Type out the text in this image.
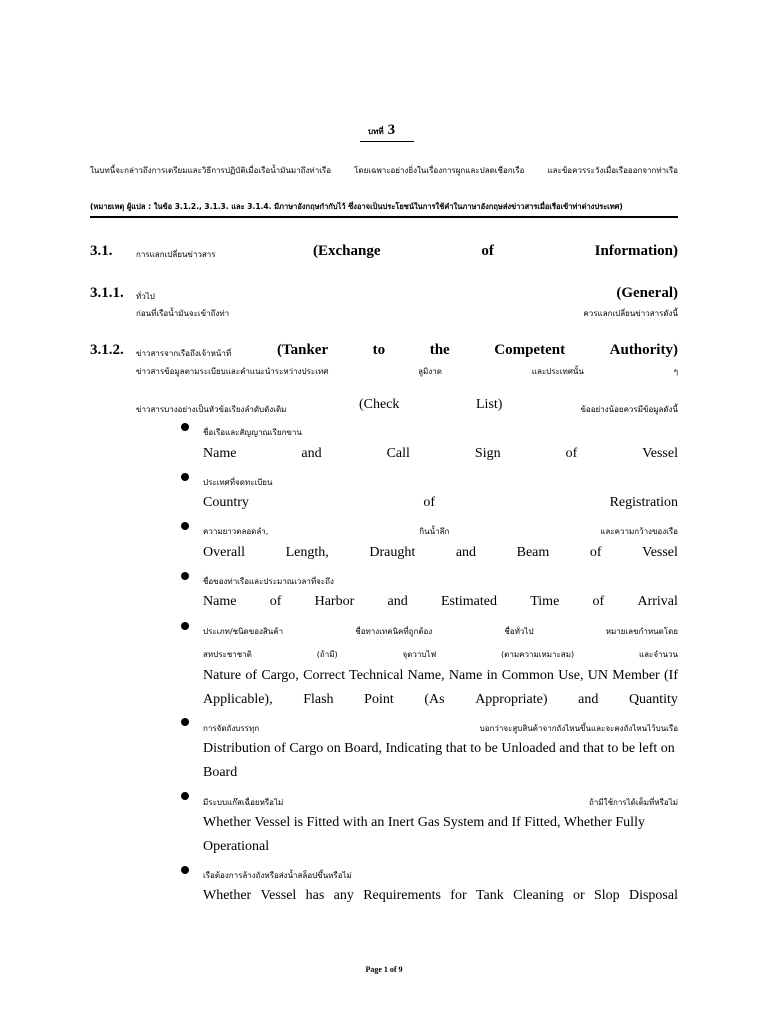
บทที่ 3
ในบทนี้จะกล่าวถึงการเตรียมและวิธีการปฏิบัติเมื่อเรือน้ำมันมาถึงท่าเรือ	โดยเฉพาะอย่างยิ่งในเรื่องการผูกและปลดเชือกเรือ	และข้อควรระวังเมื่อเรือออกจากท่าเรือ
(หมายเหตุ ผู้แปล : ในข้อ 3.1.2., 3.1.3. และ 3.1.4. มีภาษาอังกฤษกำกับไว้ ซึ่งอาจเป็นประโยชน์ในการใช้คำในภาษาอังกฤษส่งข่าวสารเมื่อเรือเข้าท่าต่างประเทศ)
3.1.	การแลกเปลี่ยนข่าวสาร	(Exchange	of	Information)
3.1.1. ทั่วไป	(General)
ก่อนที่เรือน้ำมันจะเข้าถึงท่า	ควรแลกเปลี่ยนข่าวสารดังนี้
3.1.2. ข่าวสารจากเรือถึงเจ้าหน้าที่	(Tanker	to	the	Competent	Authority)
ข่าวสารข้อมูลตามระเบียบและคำแนะนำระหว่างประเทศ	ลูมิงาด	และประเทศนั้น	ๆ
ข่าวสารบางอย่างเป็นหัวข้อเรียงลำดับดังเดิม	(Check	List)	ข้ออย่างน้อยควรมีข้อมูลดังนี้
ชื่อเรือและสัญญาณเรียกขาน
Name	and	Call	Sign	of	Vessel
ประเทศที่จดทะเบียน
Country	of	Registration
ความยาวตลอดลำ,	กินน้ำลึก	และความกว้างของเรือ
Overall	Length,	Draught	and	Beam	of	Vessel
ชื่อของท่าเรือและประมาณเวลาที่จะถึง
Name of Harbor and Estimated Time of Arrival
ประเภท/ชนิดของสินค้า	ชื่อทางเทคนิคที่ถูกต้อง	ชื่อทั่วไป	หมายเลขกำหนดโดย
สหประชาชาติ	(ถ้ามี)	จุดวาบไฟ	(ตามความเหมาะสม)	และจำนวน
Nature of Cargo, Correct Technical Name, Name in Common Use, UN Member (If
Applicable), Flash Point (As Appropriate) and Quantity
การจัดถังบรรทุก	บอกว่าจะสูบสินค้าจากถังไหนขึ้นและจะคงถังไหนไว้บนเรือ
Distribution of Cargo on Board, Indicating that to be Unloaded and that to be left on
Board
มีระบบแก๊สเฉื่อยหรือไม่	ถ้ามีใช้การได้เต็มที่หรือไม่
Whether Vessel is Fitted with an Inert Gas System and If Fitted, Whether Fully
Operational
เรือต้องการล้างถังหรือส่งน้ำสล็อปขึ้นหรือไม่
Whether Vessel has any Requirements for Tank Cleaning or Slop Disposal
Page 1 of 9
